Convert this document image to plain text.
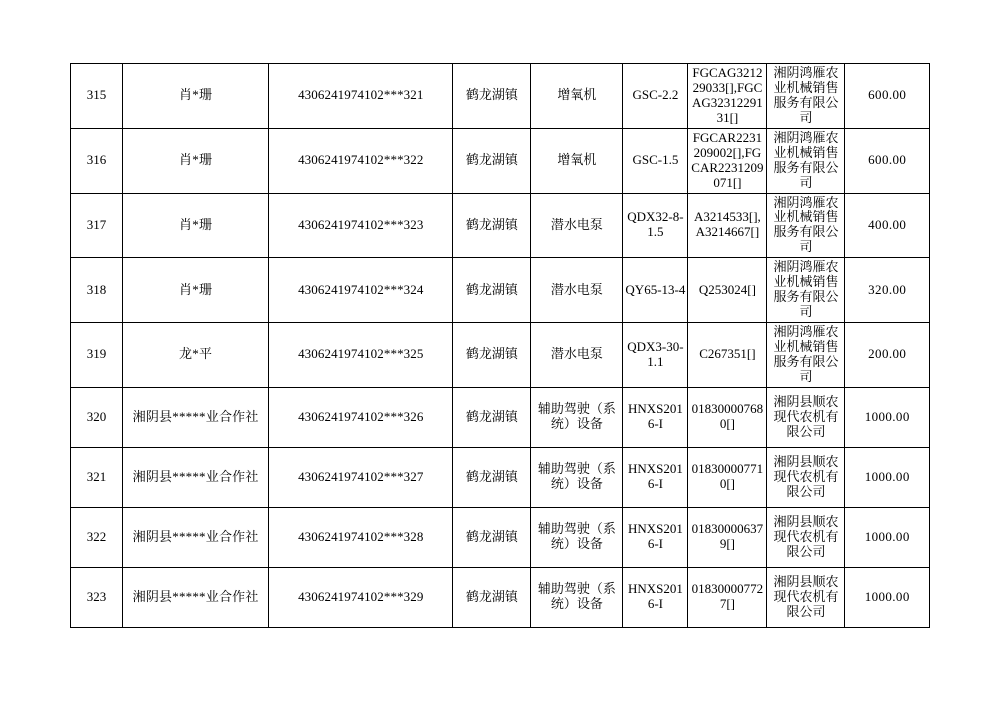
315	肖*珊	4306241974102***321	鹤龙湖镇	增氧机	GSC-2.2	FGCAG321229033[],FGCAG3231229131[]	湘阴鸿雁农业机械销售服务有限公司	600.00
316	肖*珊	4306241974102***322	鹤龙湖镇	增氧机	GSC-1.5	FGCAR2231209002[],FGCAR2231209071[]	湘阴鸿雁农业机械销售服务有限公司	600.00
317	肖*珊	4306241974102***323	鹤龙湖镇	潜水电泵	QDX32-8-1.5	A3214533[],A3214667[]	湘阴鸿雁农业机械销售服务有限公司	400.00
318	肖*珊	4306241974102***324	鹤龙湖镇	潜水电泵	QY65-13-4	Q253024[]	湘阴鸿雁农业机械销售服务有限公司	320.00
319	龙*平	4306241974102***325	鹤龙湖镇	潜水电泵	QDX3-30-1.1	C267351[]	湘阴鸿雁农业机械销售服务有限公司	200.00
320	湘阴县*****业合作社	4306241974102***326	鹤龙湖镇	辅助驾驶（系统）设备	HNXS2016-I	018300007680[]	湘阴县顺农现代农机有限公司	1000.00
321	湘阴县*****业合作社	4306241974102***327	鹤龙湖镇	辅助驾驶（系统）设备	HNXS2016-I	018300007710[]	湘阴县顺农现代农机有限公司	1000.00
322	湘阴县*****业合作社	4306241974102***328	鹤龙湖镇	辅助驾驶（系统）设备	HNXS2016-I	018300006379[]	湘阴县顺农现代农机有限公司	1000.00
323	湘阴县*****业合作社	4306241974102***329	鹤龙湖镇	辅助驾驶（系统）设备	HNXS2016-I	018300007727[]	湘阴县顺农现代农机有限公司	1000.00
